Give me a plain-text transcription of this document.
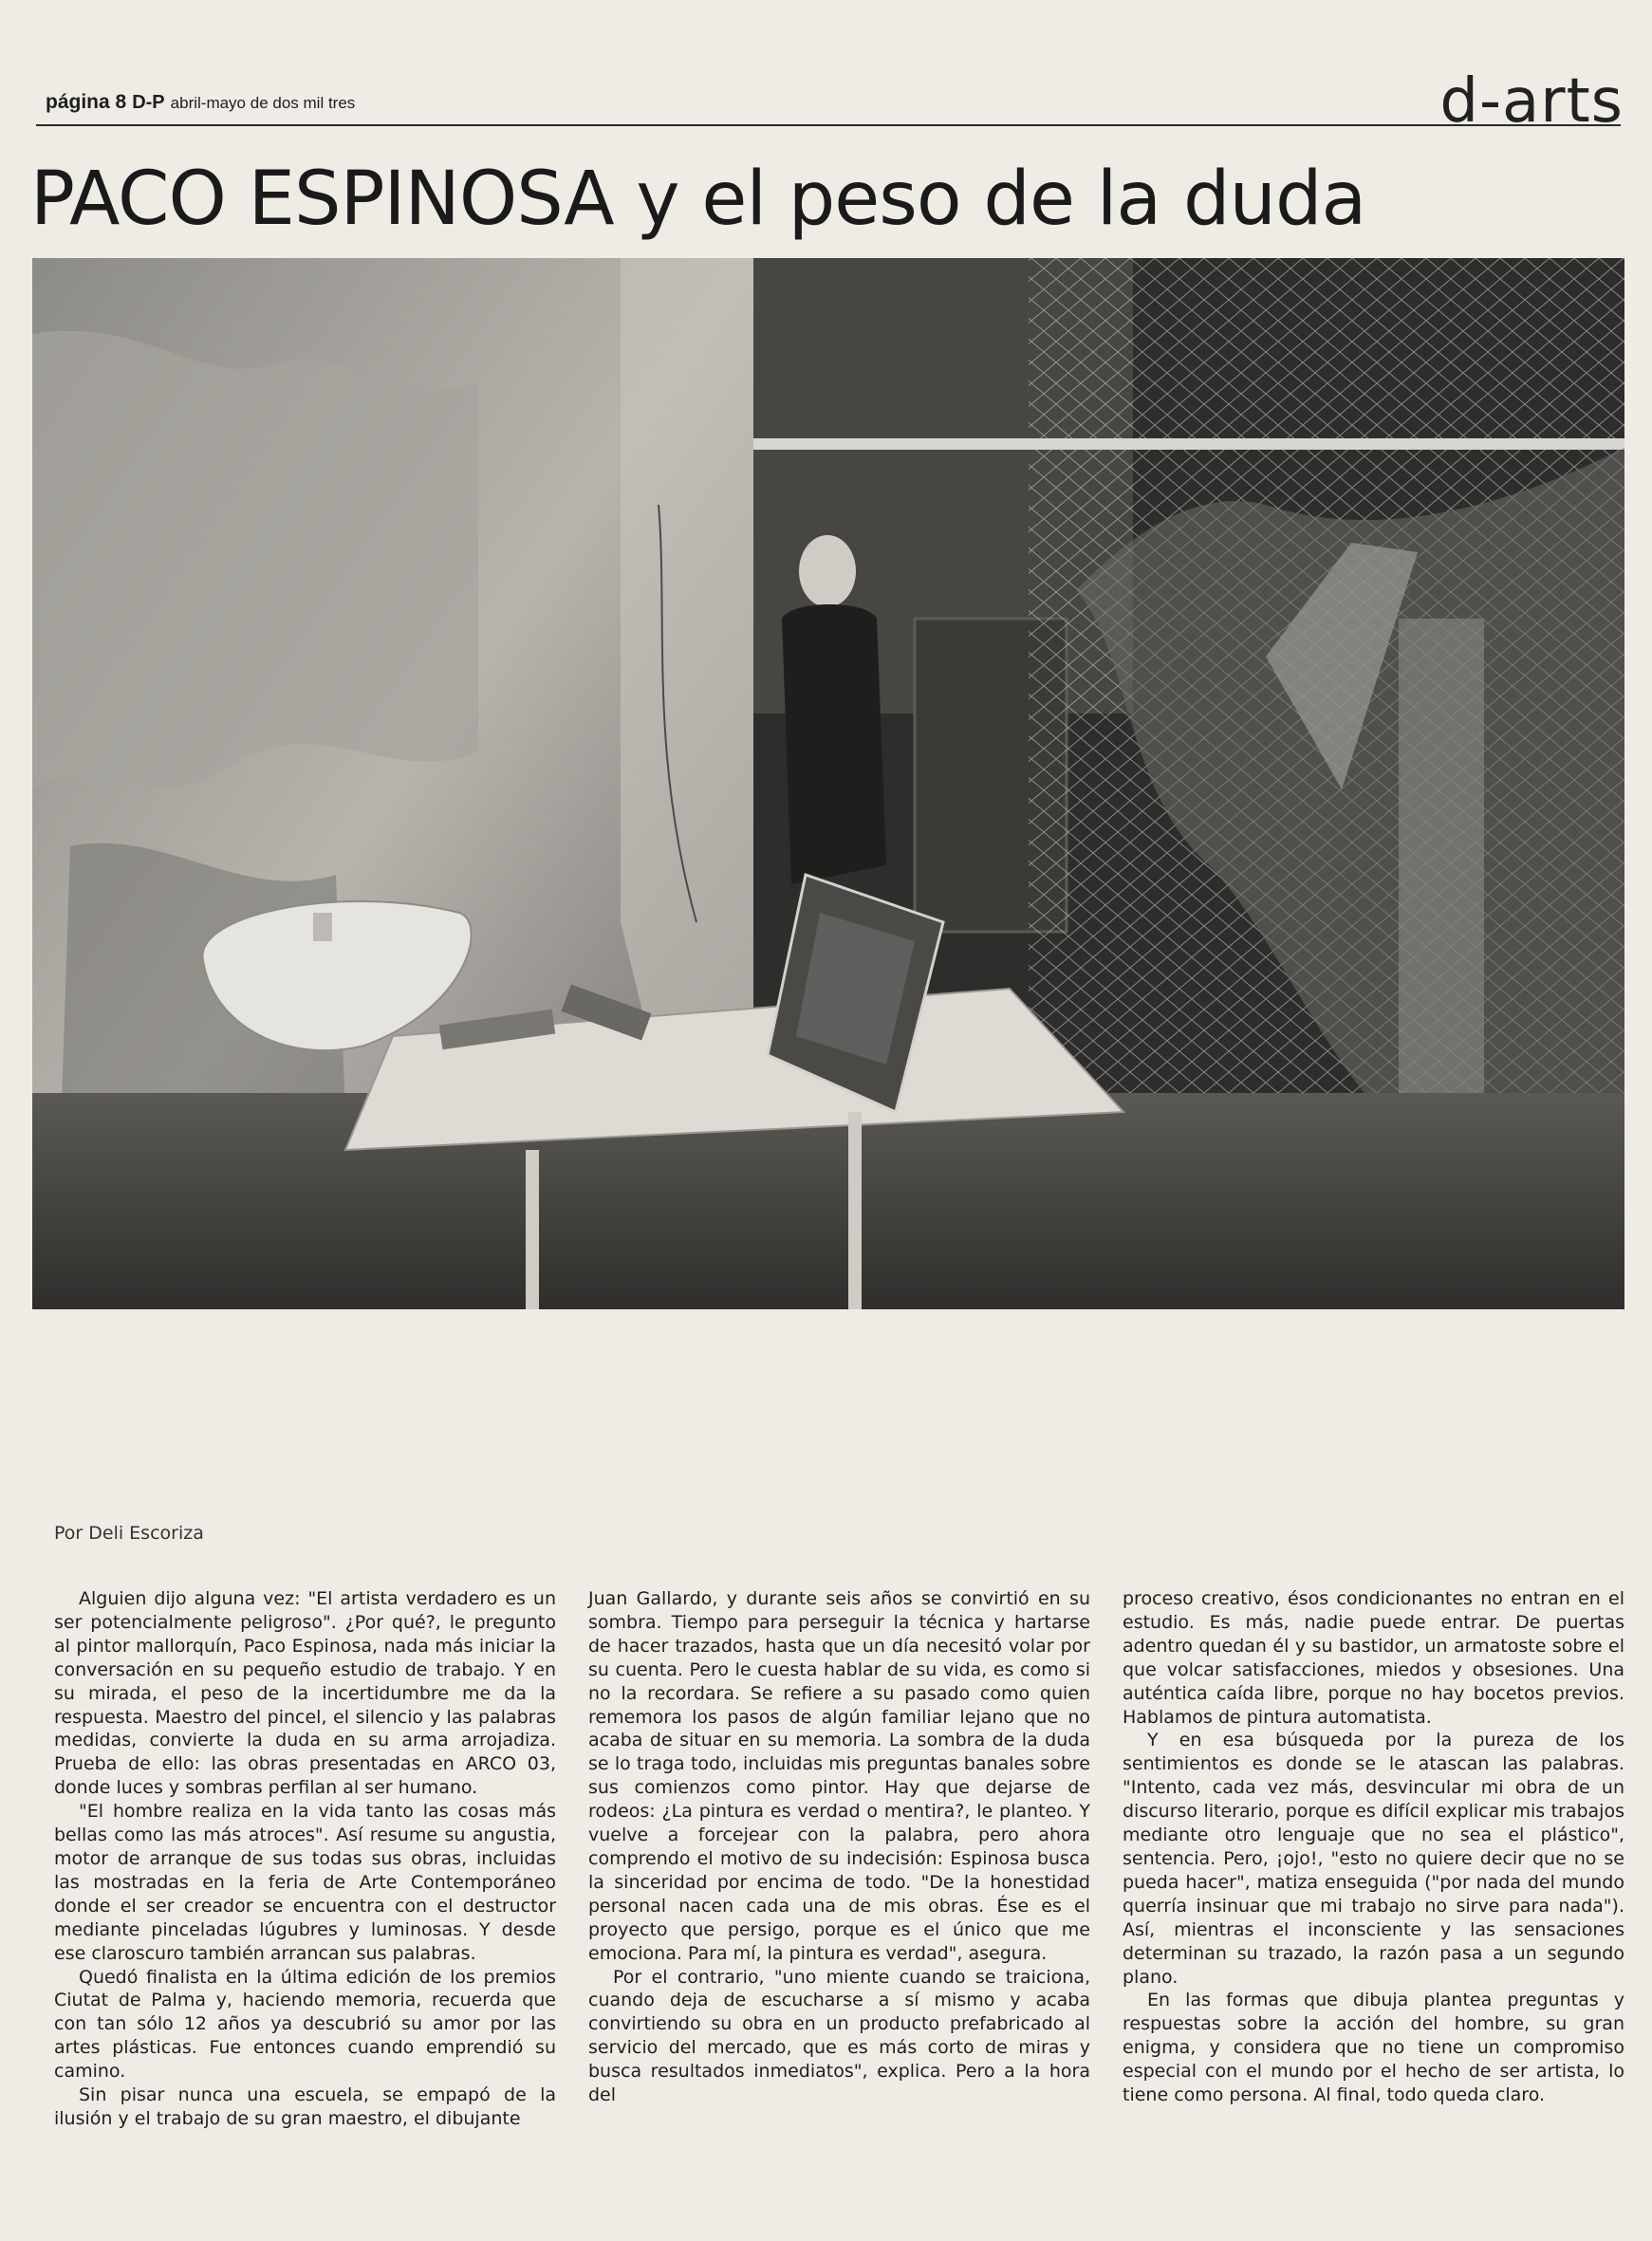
página 8 D-P abril-mayo de dos mil tres	d-arts
PACO ESPINOSA y el peso de la duda
Por Deli Escoriza

Alguien dijo alguna vez: "El artista verdadero es un ser potencialmente peligroso". ¿Por qué?, le pregunto al pintor mallorquín, Paco Espinosa, nada más iniciar la conversación en su pequeño estudio de trabajo. Y en su mirada, el peso de la incertidumbre me da la respuesta. Maestro del pincel, el silencio y las palabras medidas, convierte la duda en su arma arrojadiza. Prueba de ello: las obras presentadas en ARCO 03, donde luces y sombras perfilan al ser humano.

"El hombre realiza en la vida tanto las cosas más bellas como las más atroces". Así resume su angustia, motor de arranque de sus todas sus obras, incluidas las mostradas en la feria de Arte Contemporáneo donde el ser creador se encuentra con el destructor mediante pinceladas lúgubres y luminosas. Y desde ese claroscuro también arrancan sus palabras.

Quedó finalista en la última edición de los premios Ciutat de Palma y, haciendo memoria, recuerda que con tan sólo 12 años ya descubrió su amor por las artes plásticas. Fue entonces cuando emprendió su camino.

Sin pisar nunca una escuela, se empapó de la ilusión y el trabajo de su gran maestro, el dibujante

Juan Gallardo, y durante seis años se convirtió en su sombra. Tiempo para perseguir la técnica y hartarse de hacer trazados, hasta que un día necesitó volar por su cuenta. Pero le cuesta hablar de su vida, es como si no la recordara. Se refiere a su pasado como quien rememora los pasos de algún familiar lejano que no acaba de situar en su memoria. La sombra de la duda se lo traga todo, incluidas mis preguntas banales sobre sus comienzos como pintor. Hay que dejarse de rodeos: ¿La pintura es verdad o mentira?, le planteo. Y vuelve a forcejear con la palabra, pero ahora comprendo el motivo de su indecisión: Espinosa busca la sinceridad por encima de todo. "De la honestidad personal nacen cada una de mis obras. Ése es el proyecto que persigo, porque es el único que me emociona. Para mí, la pintura es verdad", asegura.

Por el contrario, "uno miente cuando se traiciona, cuando deja de escucharse a sí mismo y acaba convirtiendo su obra en un producto prefabricado al servicio del mercado, que es más corto de miras y busca resultados inmediatos", explica. Pero a la hora del

proceso creativo, ésos condicionantes no entran en el estudio. Es más, nadie puede entrar. De puertas adentro quedan él y su bastidor, un armatoste sobre el que volcar satisfacciones, miedos y obsesiones. Una auténtica caída libre, porque no hay bocetos previos. Hablamos de pintura automatista.

Y en esa búsqueda por la pureza de los sentimientos es donde se le atascan las palabras. "Intento, cada vez más, desvincular mi obra de un discurso literario, porque es difícil explicar mis trabajos mediante otro lenguaje que no sea el plástico", sentencia. Pero, ¡ojo!, "esto no quiere decir que no se pueda hacer", matiza enseguida ("por nada del mundo querría insinuar que mi trabajo no sirve para nada"). Así, mientras el inconsciente y las sensaciones determinan su trazado, la razón pasa a un segundo plano.

En las formas que dibuja plantea preguntas y respuestas sobre la acción del hombre, su gran enigma, y considera que no tiene un compromiso especial con el mundo por el hecho de ser artista, lo tiene como persona. Al final, todo queda claro.
